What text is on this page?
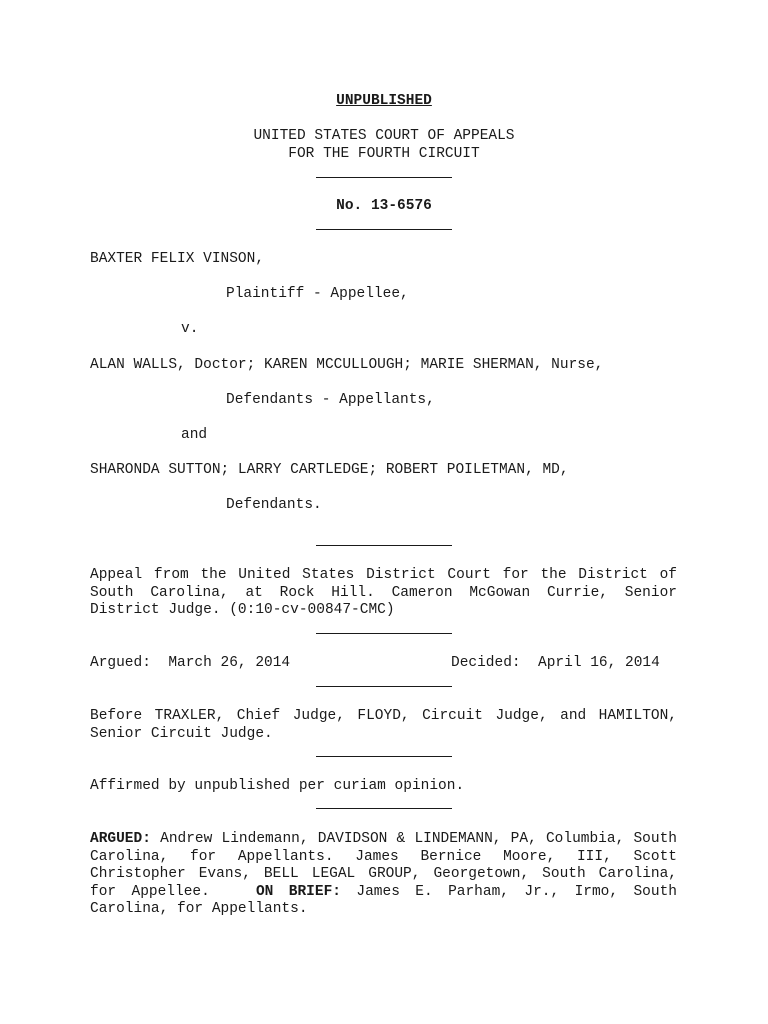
UNPUBLISHED
UNITED STATES COURT OF APPEALS
FOR THE FOURTH CIRCUIT
No. 13-6576
BAXTER FELIX VINSON,
Plaintiff - Appellee,
v.
ALAN WALLS, Doctor; KAREN MCCULLOUGH; MARIE SHERMAN, Nurse,
Defendants - Appellants,
and
SHARONDA SUTTON; LARRY CARTLEDGE; ROBERT POILETMAN, MD,
Defendants.
Appeal from the United States District Court for the District of South Carolina, at Rock Hill. Cameron McGowan Currie, Senior District Judge. (0:10-cv-00847-CMC)
Argued:  March 26, 2014	Decided:  April 16, 2014
Before TRAXLER, Chief Judge, FLOYD, Circuit Judge, and HAMILTON, Senior Circuit Judge.
Affirmed by unpublished per curiam opinion.
ARGUED: Andrew Lindemann, DAVIDSON & LINDEMANN, PA, Columbia, South Carolina, for Appellants. James Bernice Moore, III, Scott Christopher Evans, BELL LEGAL GROUP, Georgetown, South Carolina, for Appellee.	ON BRIEF: James E. Parham, Jr., Irmo, South Carolina, for Appellants.
